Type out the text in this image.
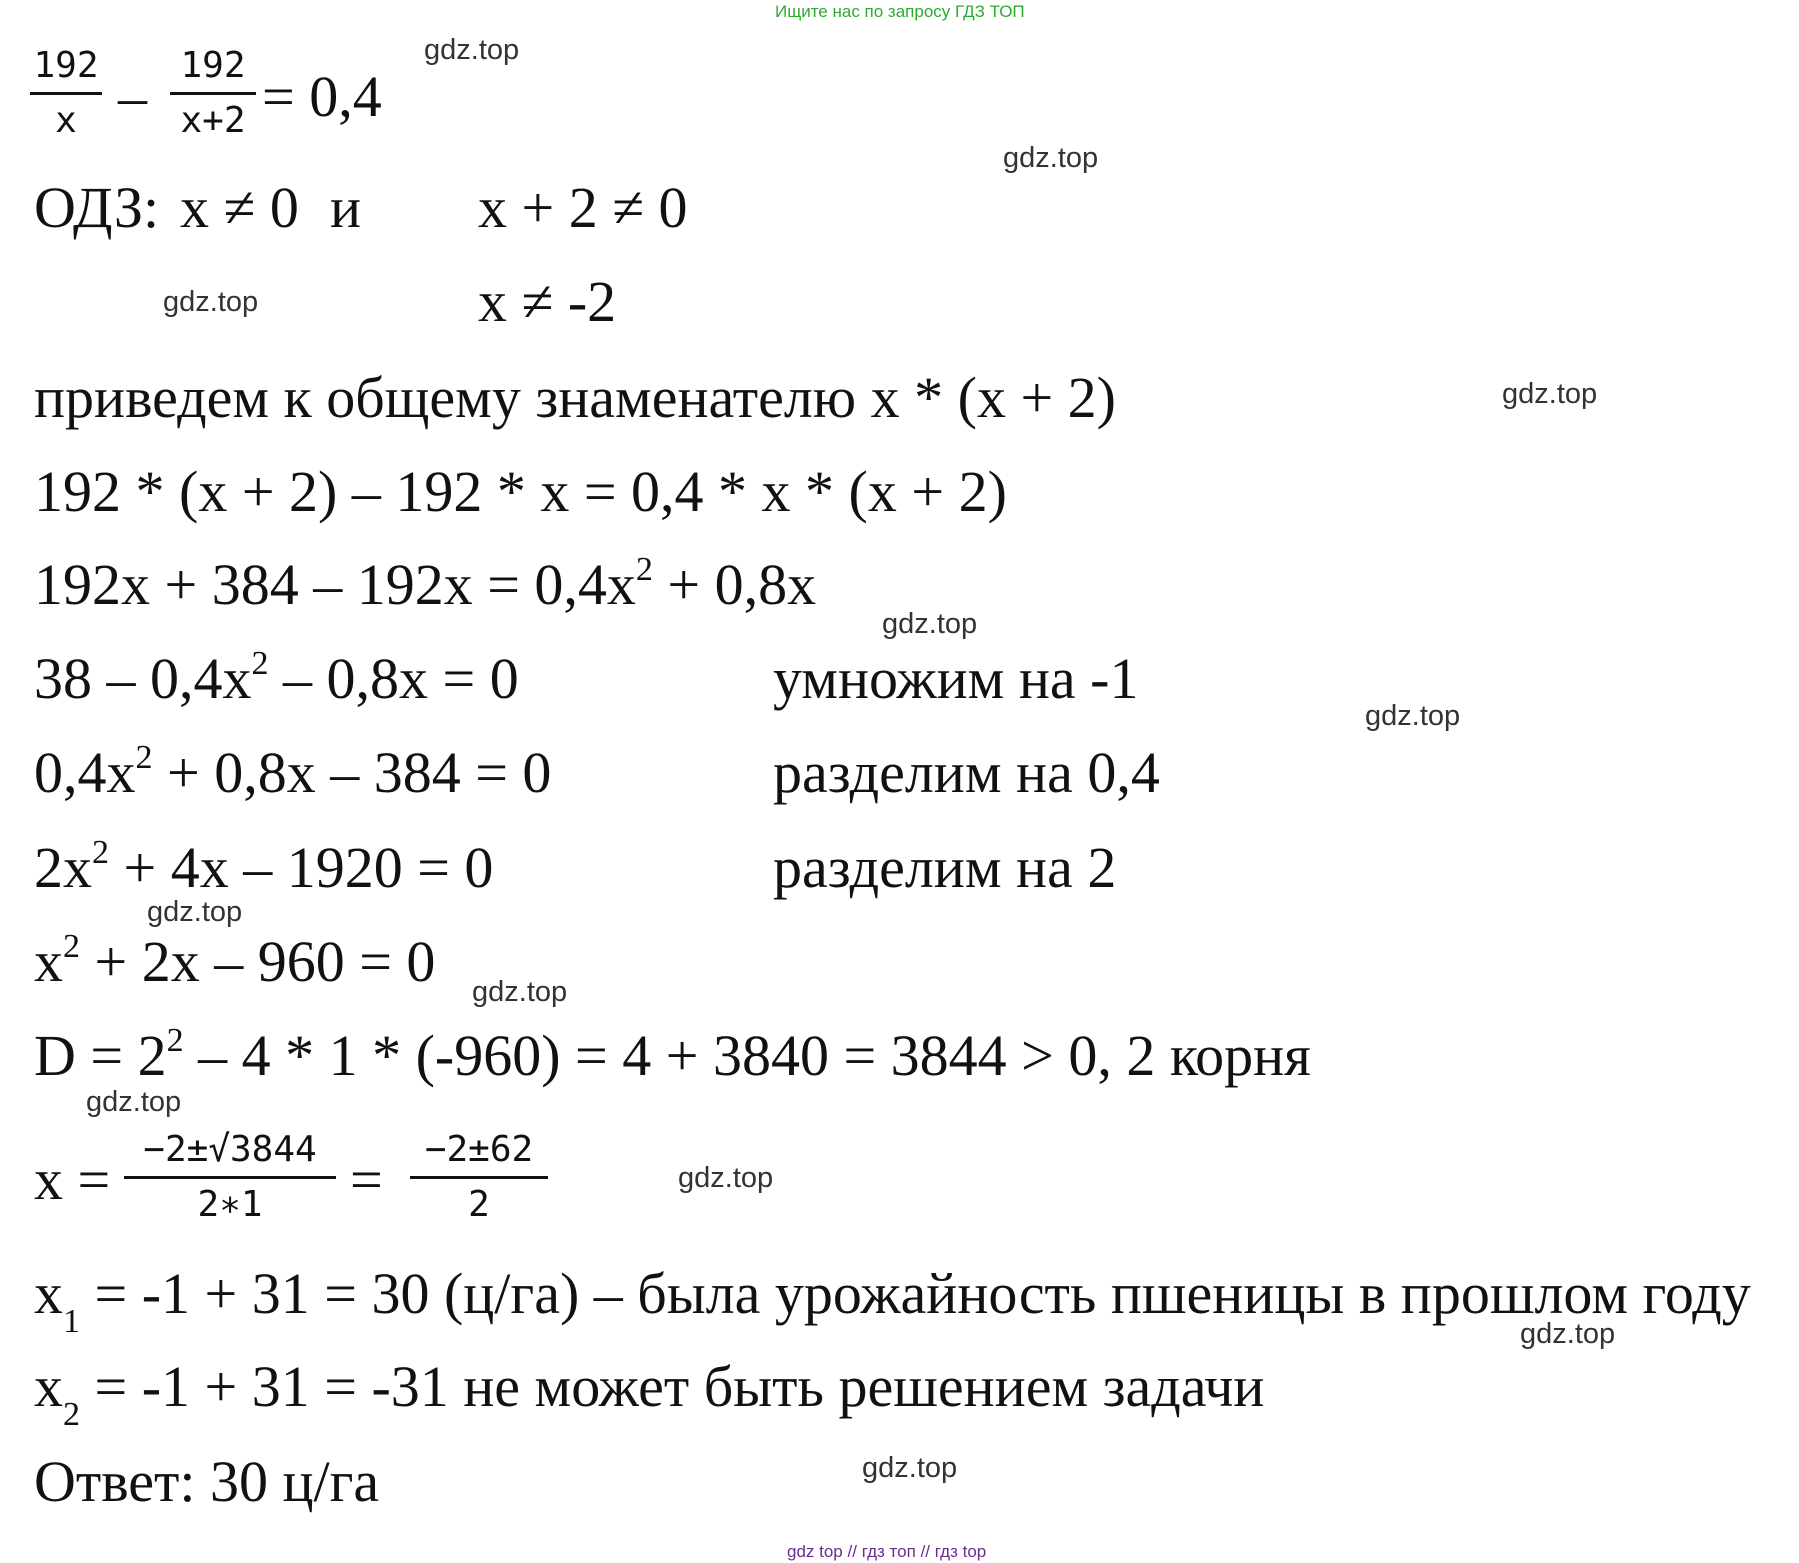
Ищите нас по запросу ГДЗ ТОП
192
x – 192
x+2 = 0,4
ОДЗ: x ≠ 0 и x + 2 ≠ 0
x ≠ -2
приведем к общему знаменателю x * (x + 2)
192 * (x + 2) – 192 * x = 0,4 * x * (x + 2)
$192x + 384 - 192x = 0,4x^2 + 0,8x$
$38 - 0,4x^2 - 0,8x = 0$	умножим на -1
$0,4x^2 + 0,8x - 384 = 0$	разделим на 0,4
$2x^2 + 4x - 1920 = 0$	разделим на 2
$x^2 + 2x - 960 = 0$
$D = 2^2 - 4 * 1 * (-960) = 4 + 3840 = 3844 > 0$, 2 корня
x = −2±√3844
2∗1	=	−2±62
2
$x_1 = -1 + 31 = 30$ (ц/га) – была урожайность пшеницы в прошлом году
$x_2 = -1 + 31 = -31$ не может быть решением задачи
Ответ: 30 ц/га
gdz.top
gdz.top
gdz.top
gdz.top
gdz.top
gdz.top
gdz.top
gdz.top
gdz.top
gdz.top
gdz.top
gdz.top
gdz top // гдз топ // гдз top
